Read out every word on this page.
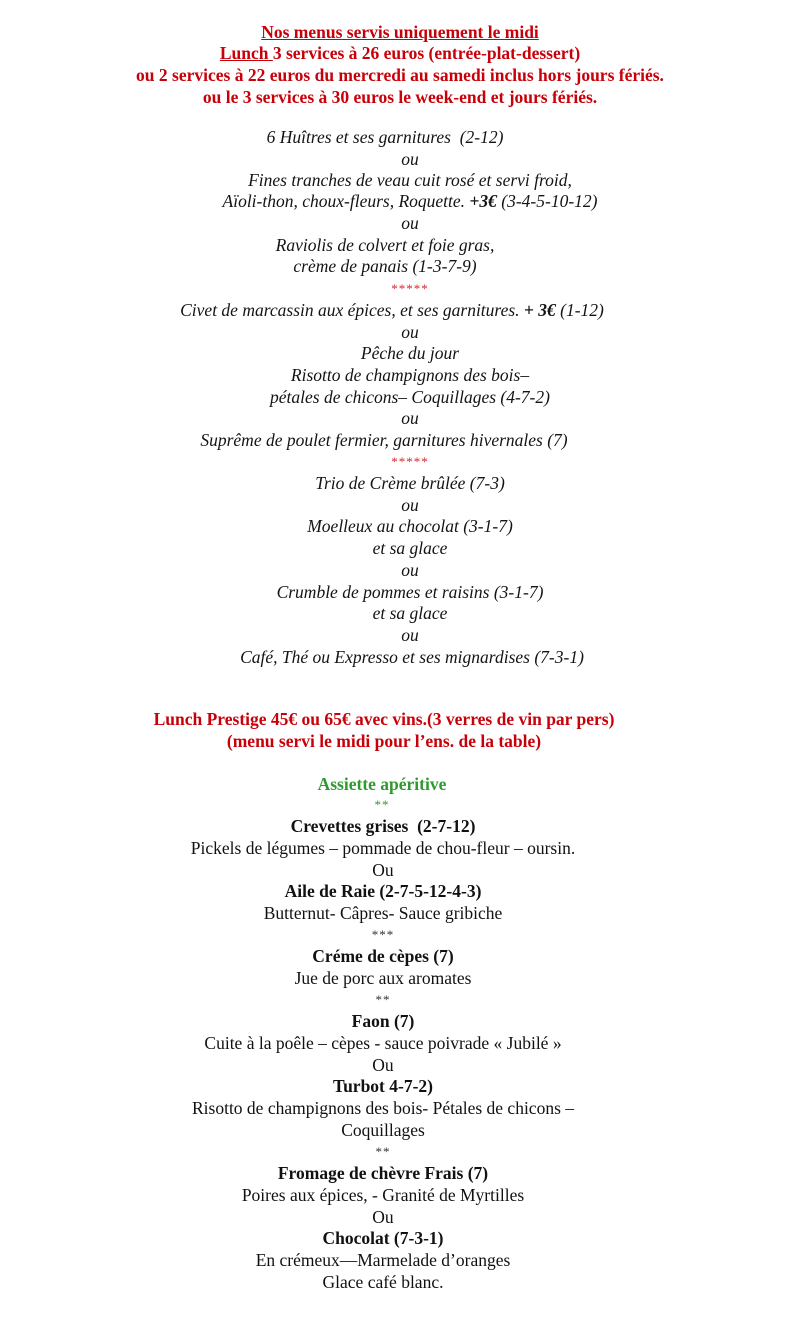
Nos menus servis uniquement le midi
Lunch 3 services à 26 euros (entrée-plat-dessert)
ou 2 services à 22 euros du mercredi au samedi inclus hors jours fériés.
ou le 3 services à 30 euros le week-end et jours fériés.
6 Huîtres et ses garnitures  (2-12)
ou
Fines tranches de veau cuit rosé et servi froid,
Aïoli-thon, choux-fleurs, Roquette. +3€ (3-4-5-10-12)
ou
Raviolis de colvert et foie gras,
crème de panais (1-3-7-9)
*****
Civet de marcassin aux épices, et ses garnitures. + 3€ (1-12)
ou
Pêche du jour
Risotto de champignons des bois–
pétales de chicons– Coquillages (4-7-2)
ou
Suprême de poulet fermier, garnitures hivernales (7)
*****
Trio de Crème brûlée (7-3)
ou
Moelleux au chocolat (3-1-7)
et sa glace
ou
Crumble de pommes et raisins (3-1-7)
et sa glace
ou
Café, Thé ou Expresso et ses mignardises (7-3-1)
Lunch Prestige 45€ ou 65€ avec vins.(3 verres de vin par pers)
(menu servi le midi pour l’ens. de la table)
Assiette apéritive
**
Crevettes grises  (2-7-12)
Pickels de légumes – pommade de chou-fleur – oursin.
Ou
Aile de Raie (2-7-5-12-4-3)
Butternut- Câpres- Sauce gribiche
***
Créme de cèpes (7)
Jue de porc aux aromates
**
Faon (7)
Cuite à la poêle – cèpes - sauce poivrade « Jubilé »
Ou
Turbot 4-7-2)
Risotto de champignons des bois- Pétales de chicons –
Coquillages
**
Fromage de chèvre Frais (7)
Poires aux épices, - Granité de Myrtilles
Ou
Chocolat (7-3-1)
En crémeux—Marmelade d’oranges
Glace café blanc.
